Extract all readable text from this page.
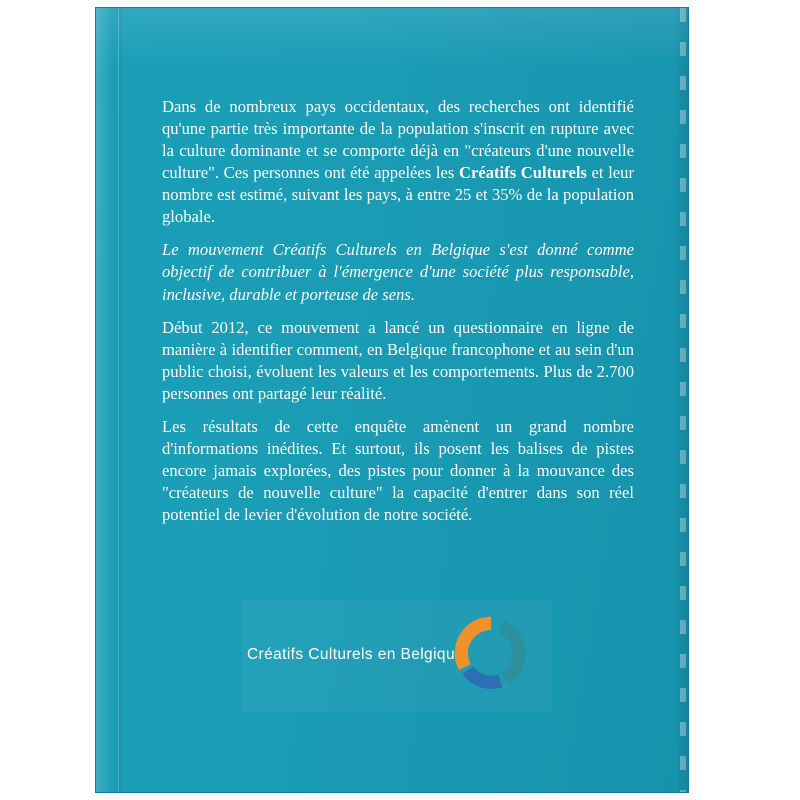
Dans de nombreux pays occidentaux, des recherches ont identifié qu'une partie très importante de la population s'inscrit en rupture avec la culture dominante et se comporte déjà en "créateurs d'une nouvelle culture". Ces personnes ont été appelées les Créatifs Culturels et leur nombre est estimé, suivant les pays, à entre 25 et 35% de la population globale.

Le mouvement Créatifs Culturels en Belgique s'est donné comme objectif de contribuer à l'émergence d'une société plus responsable, inclusive, durable et porteuse de sens.

Début 2012, ce mouvement a lancé un questionnaire en ligne de manière à identifier comment, en Belgique francophone et au sein d'un public choisi, évoluent les valeurs et les comportements. Plus de 2.700 personnes ont partagé leur réalité.

Les résultats de cette enquête amènent un grand nombre d'informations inédites. Et surtout, ils posent les balises de pistes encore jamais explorées, des pistes pour donner à la mouvance des "créateurs de nouvelle culture" la capacité d'entrer dans son réel potentiel de levier d'évolution de notre société.

Créatifs Culturels en Belgique
